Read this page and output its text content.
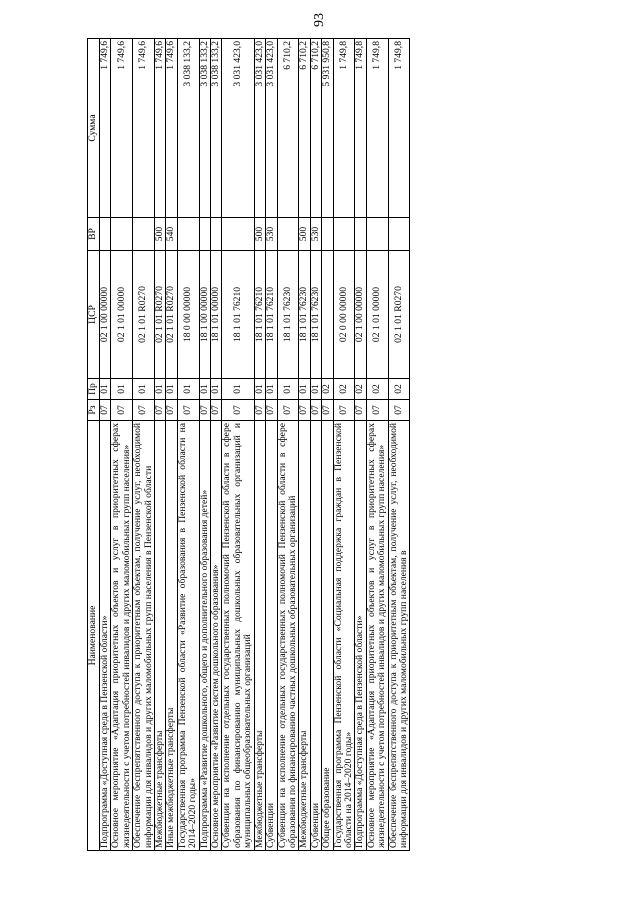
93
Наименование	Рз	Пр	ЦСР	ВР	Сумма
Подпрограмма «Доступная среда в Пензенской области»	07	01	02 1 00 00000		1 749,6
Основное мероприятие «Адаптация приоритетных объектов и услуг в приоритетных сферах жизнедеятельности с учетом потребностей инвалидов и других маломобильных групп населения»	07	01	02 1 01 00000		1 749,6
Обеспечение беспрепятственного доступа к приоритетным объектам, получение услуг, необходимой информации для инвалидов и других маломобильных групп населения в Пензенской области	07	01	02 1 01 R0270		1 749,6
Межбюджетные трансферты	07	01	02 1 01 R0270	500	1 749,6
Иные межбюджетные трансферты	07	01	02 1 01 R0270	540	1 749,6
Государственная программа Пензенской области «Развитие образования в Пензенской области на 2014–2020 годы»	07	01	18 0 00 00000		3 038 133,2
Подпрограмма «Развитие дошкольного, общего и дополнительного образования детей»	07	01	18 1 00 00000		3 038 133,2
Основное мероприятие «Развитие систем дошкольного образования»	07	01	18 1 01 00000		3 038 133,2
Субвенции на исполнение отдельных государственных полномочий Пензенской области в сфере образования по финансированию муниципальных дошкольных образовательных организаций и муниципальных общеобразовательных организаций	07	01	18 1 01 76210		3 031 423,0
Межбюджетные трансферты	07	01	18 1 01 76210	500	3 031 423,0
Субвенции	07	01	18 1 01 76210	530	3 031 423,0
Субвенции на исполнение отдельных государственных полномочий Пензенской области в сфере образования по финансированию частных дошкольных образовательных организаций	07	01	18 1 01 76230		6 710,2
Межбюджетные трансферты	07	01	18 1 01 76230	500	6 710,2
Субвенции	07	01	18 1 01 76230	530	6 710,2
Общее образование	07	02			5 931 950,8
Государственная программа Пензенской области «Социальная поддержка граждан в Пензенской области на 2014–2020 годы»	07	02	02 0 00 00000		1 749,8
Подпрограмма «Доступная среда в Пензенской области»	07	02	02 1 00 00000		1 749,8
Основное мероприятие «Адаптация приоритетных объектов и услуг в приоритетных сферах жизнедеятельности с учетом потребностей инвалидов и других маломобильных групп населения»	07	02	02 1 01 00000		1 749,8
Обеспечение беспрепятственного доступа к приоритетным объектам, получение услуг, необходимой информации для инвалидов и других маломобильных групп населения в	07	02	02 1 01 R0270		1 749,8
